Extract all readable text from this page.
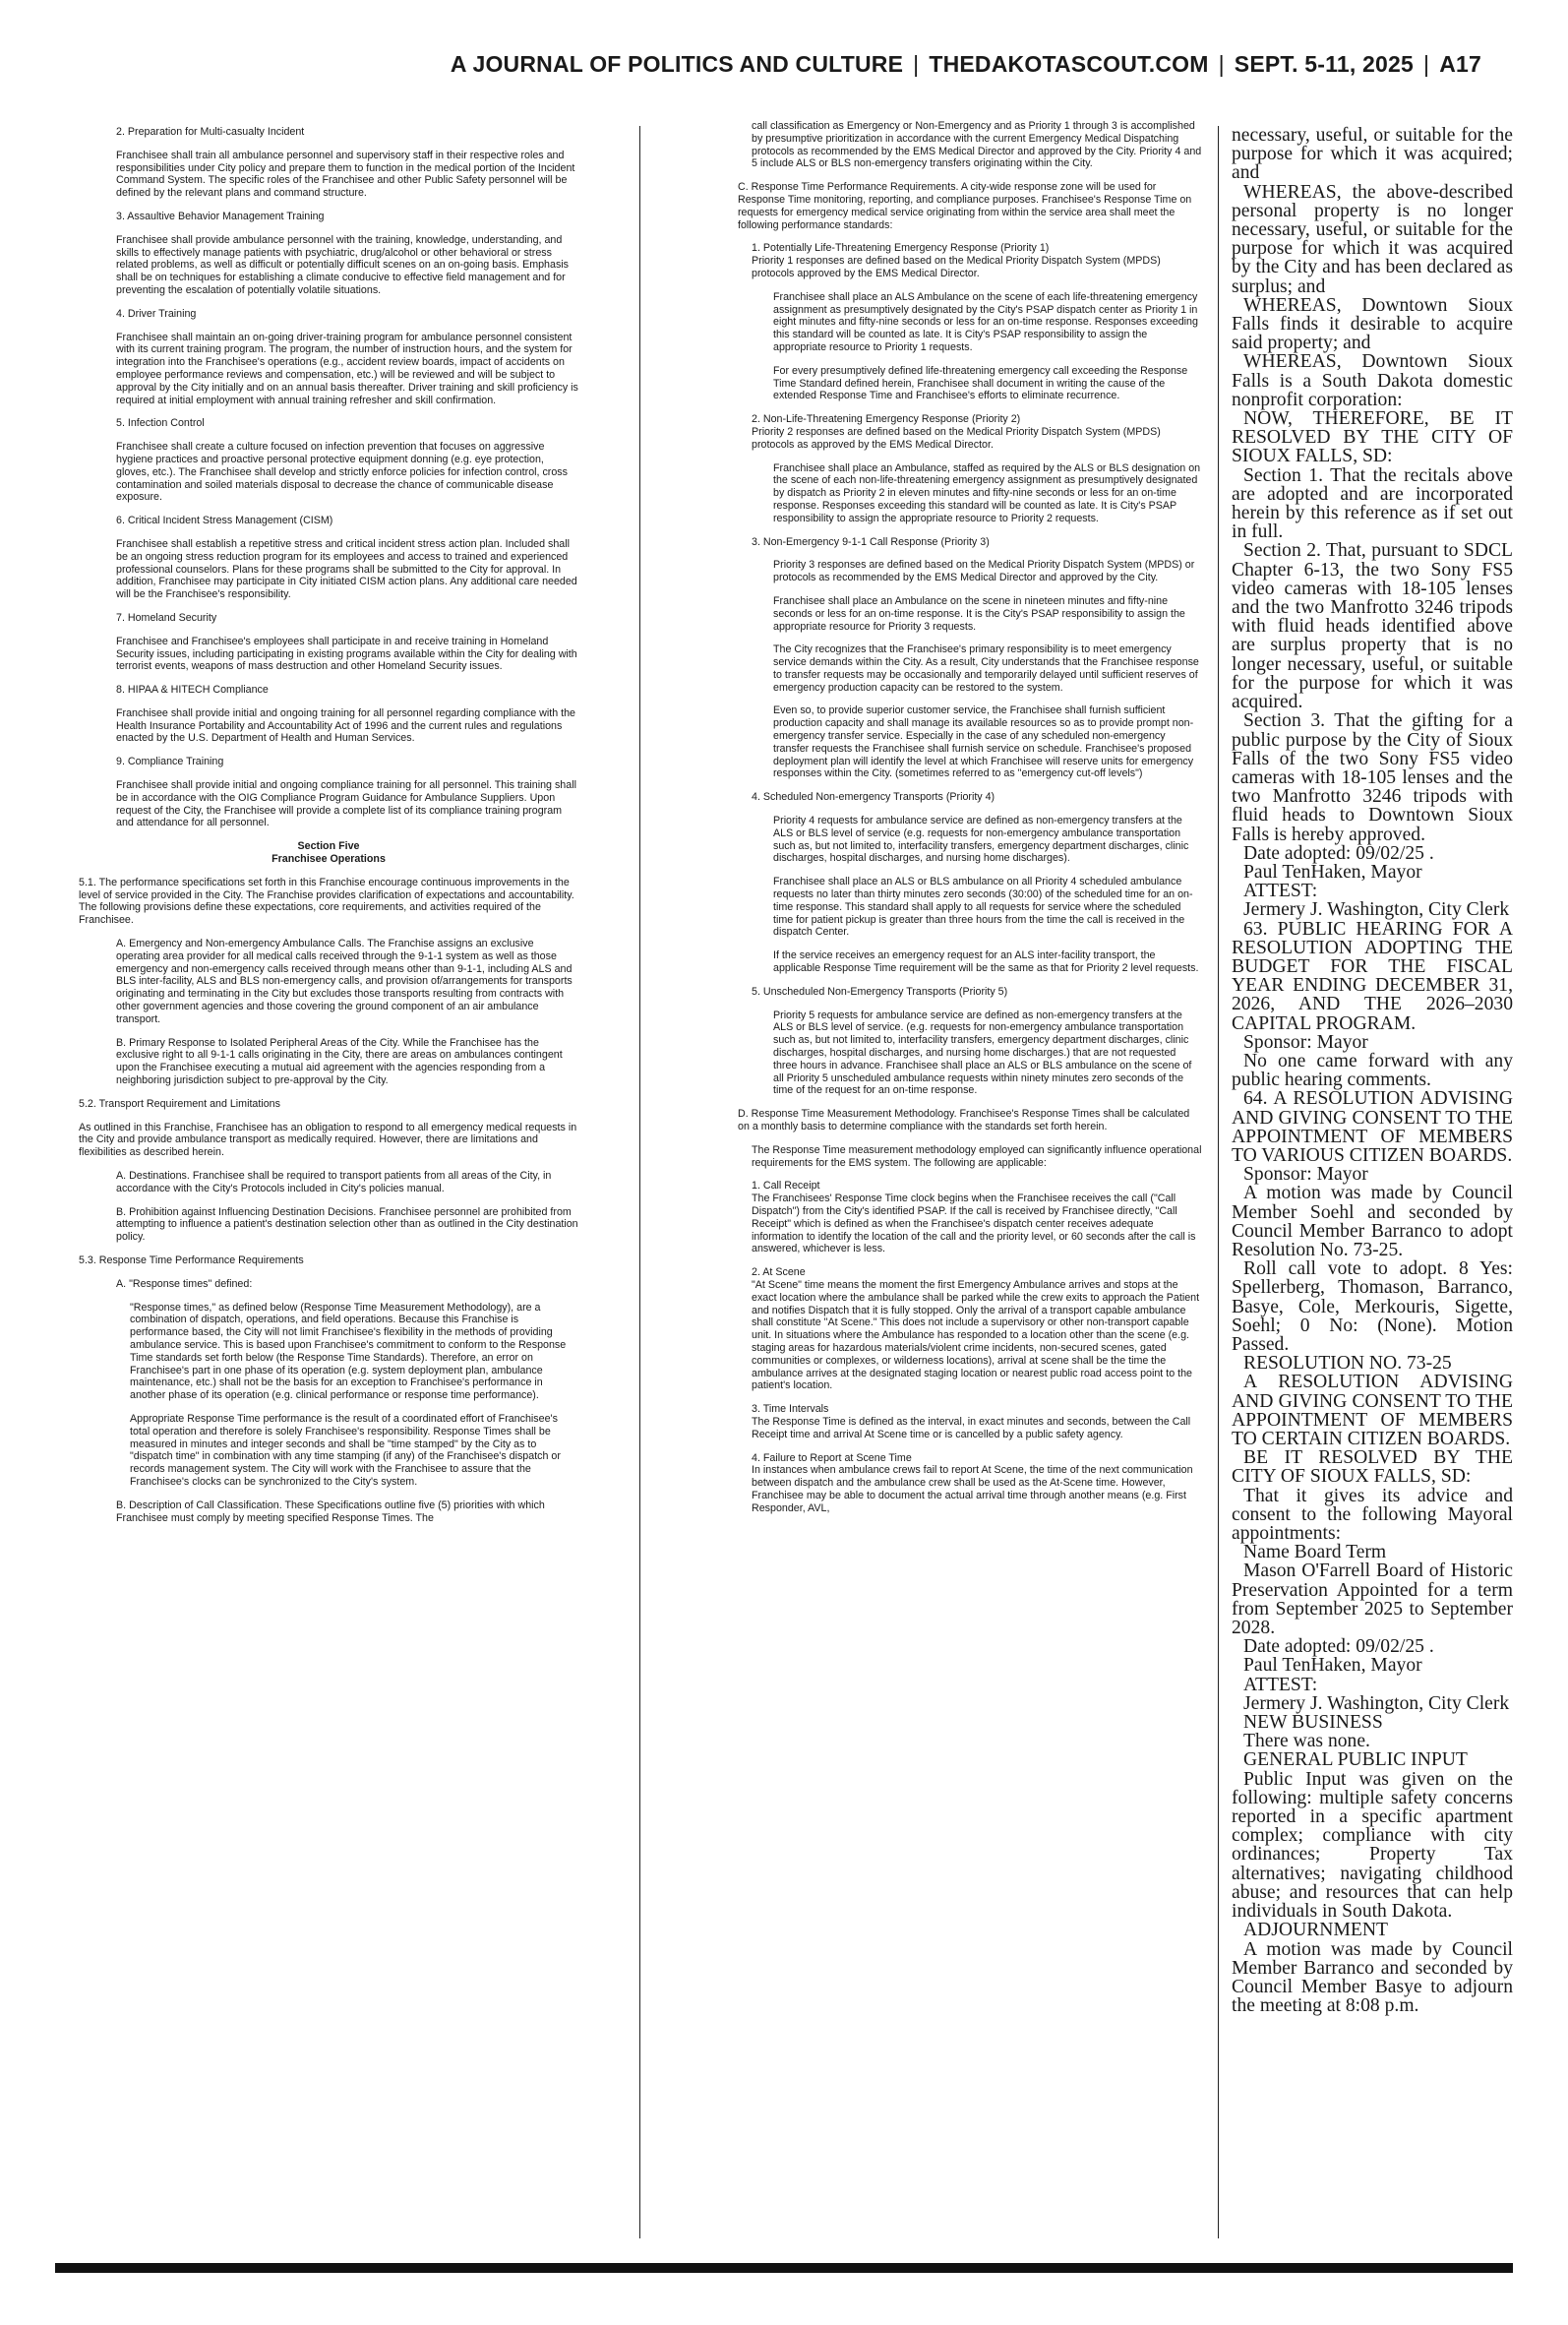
A JOURNAL OF POLITICS AND CULTURE | THEDAKOTASCOUT.COM | SEPT. 5-11, 2025 | A17
2. Preparation for Multi-casualty Incident

Franchisee shall train all ambulance personnel and supervisory staff in their respective roles and responsibilities under City policy and prepare them to function in the medical portion of the Incident Command System. The specific roles of the Franchisee and other Public Safety personnel will be defined by the relevant plans and command structure.

3. Assaultive Behavior Management Training

Franchisee shall provide ambulance personnel with the training, knowledge, understanding, and skills to effectively manage patients with psychiatric, drug/alcohol or other behavioral or stress related problems, as well as difficult or potentially difficult scenes on an on-going basis. Emphasis shall be on techniques for establishing a climate conducive to effective field management and for preventing the escalation of potentially volatile situations.

4. Driver Training

Franchisee shall maintain an on-going driver-training program for ambulance personnel consistent with its current training program. The program, the number of instruction hours, and the system for integration into the Franchisee's operations (e.g., accident review boards, impact of accidents on employee performance reviews and compensation, etc.) will be reviewed and will be subject to approval by the City initially and on an annual basis thereafter. Driver training and skill proficiency is required at initial employment with annual training refresher and skill confirmation.

5. Infection Control

Franchisee shall create a culture focused on infection prevention that focuses on aggressive hygiene practices and proactive personal protective equipment donning (e.g. eye protection, gloves, etc.). The Franchisee shall develop and strictly enforce policies for infection control, cross contamination and soiled materials disposal to decrease the chance of communicable disease exposure.

6. Critical Incident Stress Management (CISM)

Franchisee shall establish a repetitive stress and critical incident stress action plan. Included shall be an ongoing stress reduction program for its employees and access to trained and experienced professional counselors. Plans for these programs shall be submitted to the City for approval. In addition, Franchisee may participate in City initiated CISM action plans. Any additional care needed will be the Franchisee's responsibility.

7. Homeland Security

Franchisee and Franchisee's employees shall participate in and receive training in Homeland Security issues, including participating in existing programs available within the City for dealing with terrorist events, weapons of mass destruction and other Homeland Security issues.

8. HIPAA & HITECH Compliance

Franchisee shall provide initial and ongoing training for all personnel regarding compliance with the Health Insurance Portability and Accountability Act of 1996 and the current rules and regulations enacted by the U.S. Department of Health and Human Services.

9. Compliance Training

Franchisee shall provide initial and ongoing compliance training for all personnel. This training shall be in accordance with the OIG Compliance Program Guidance for Ambulance Suppliers. Upon request of the City, the Franchisee will provide a complete list of its compliance training program and attendance for all personnel.

Section Five
Franchisee Operations

5.1. The performance specifications set forth in this Franchise encourage continuous improvements in the level of service provided in the City. The Franchise provides clarification of expectations and accountability. The following provisions define these expectations, core requirements, and activities required of the Franchisee.

A. Emergency and Non-emergency Ambulance Calls. The Franchise assigns an exclusive operating area provider for all medical calls received through the 9-1-1 system as well as those emergency and non-emergency calls received through means other than 9-1-1, including ALS and BLS inter-facility, ALS and BLS non-emergency calls, and provision of/arrangements for transports originating and terminating in the City but excludes those transports resulting from contracts with other government agencies and those covering the ground component of an air ambulance transport.

B. Primary Response to Isolated Peripheral Areas of the City. While the Franchisee has the exclusive right to all 9-1-1 calls originating in the City, there are areas on ambulances contingent upon the Franchisee executing a mutual aid agreement with the agencies responding from a neighboring jurisdiction subject to pre-approval by the City.

5.2. Transport Requirement and Limitations

As outlined in this Franchise, Franchisee has an obligation to respond to all emergency medical requests in the City and provide ambulance transport as medically required. However, there are limitations and flexibilities as described herein.

A. Destinations. Franchisee shall be required to transport patients from all areas of the City, in accordance with the City's Protocols included in City's policies manual.

B. Prohibition against Influencing Destination Decisions. Franchisee personnel are prohibited from attempting to influence a patient's destination selection other than as outlined in the City destination policy.

5.3. Response Time Performance Requirements

A. "Response times" defined:

"Response times," as defined below (Response Time Measurement Methodology), are a combination of dispatch, operations, and field operations. Because this Franchise is performance based, the City will not limit Franchisee's flexibility in the methods of providing ambulance service. This is based upon Franchisee's commitment to conform to the Response Time standards set forth below (the Response Time Standards). Therefore, an error on Franchisee's part in one phase of its operation (e.g. system deployment plan, ambulance maintenance, etc.) shall not be the basis for an exception to Franchisee's performance in another phase of its operation (e.g. clinical performance or response time performance).

Appropriate Response Time performance is the result of a coordinated effort of Franchisee's total operation and therefore is solely Franchisee's responsibility. Response Times shall be measured in minutes and integer seconds and shall be "time stamped" by the City as to "dispatch time" in combination with any time stamping (if any) of the Franchisee's dispatch or records management system. The City will work with the Franchisee to assure that the Franchisee's clocks can be synchronized to the City's system.

B. Description of Call Classification. These Specifications outline five (5) priorities with which Franchisee must comply by meeting specified Response Times. The

call classification as Emergency or Non-Emergency and as Priority 1 through 3 is accomplished by presumptive prioritization in accordance with the current Emergency Medical Dispatching protocols as recommended by the EMS Medical Director and approved by the City. Priority 4 and 5 include ALS or BLS non-emergency transfers originating within the City.

C. Response Time Performance Requirements. A city-wide response zone will be used for Response Time monitoring, reporting, and compliance purposes. Franchisee's Response Time on requests for emergency medical service originating from within the service area shall meet the following performance standards:

1. Potentially Life-Threatening Emergency Response (Priority 1)
Priority 1 responses are defined based on the Medical Priority Dispatch System (MPDS) protocols approved by the EMS Medical Director.

Franchisee shall place an ALS Ambulance on the scene of each life-threatening emergency assignment as presumptively designated by the City's PSAP dispatch center as Priority 1 in eight minutes and fifty-nine seconds or less for an on-time response. Responses exceeding this standard will be counted as late. It is City's PSAP responsibility to assign the appropriate resource to Priority 1 requests.

For every presumptively defined life-threatening emergency call exceeding the Response Time Standard defined herein, Franchisee shall document in writing the cause of the extended Response Time and Franchisee's efforts to eliminate recurrence.

2. Non-Life-Threatening Emergency Response (Priority 2)
Priority 2 responses are defined based on the Medical Priority Dispatch System (MPDS) protocols as approved by the EMS Medical Director.

Franchisee shall place an Ambulance, staffed as required by the ALS or BLS designation on the scene of each non-life-threatening emergency assignment as presumptively designated by dispatch as Priority 2 in eleven minutes and fifty-nine seconds or less for an on-time response. Responses exceeding this standard will be counted as late. It is City's PSAP responsibility to assign the appropriate resource to Priority 2 requests.

3. Non-Emergency 9-1-1 Call Response (Priority 3)

Priority 3 responses are defined based on the Medical Priority Dispatch System (MPDS) or protocols as recommended by the EMS Medical Director and approved by the City.

Franchisee shall place an Ambulance on the scene in nineteen minutes and fifty-nine seconds or less for an on-time response. It is the City's PSAP responsibility to assign the appropriate resource for Priority 3 requests.

The City recognizes that the Franchisee's primary responsibility is to meet emergency service demands within the City. As a result, City understands that the Franchisee response to transfer requests may be occasionally and temporarily delayed until sufficient reserves of emergency production capacity can be restored to the system.

Even so, to provide superior customer service, the Franchisee shall furnish sufficient production capacity and shall manage its available resources so as to provide prompt non-emergency transfer service. Especially in the case of any scheduled non-emergency transfer requests the Franchisee shall furnish service on schedule. Franchisee's proposed deployment plan will identify the level at which Franchisee will reserve units for emergency responses within the City. (sometimes referred to as "emergency cut-off levels")

4. Scheduled Non-emergency Transports (Priority 4)

Priority 4 requests for ambulance service are defined as non-emergency transfers at the ALS or BLS level of service (e.g. requests for non-emergency ambulance transportation such as, but not limited to, interfacility transfers, emergency department discharges, clinic discharges, hospital discharges, and nursing home discharges).

Franchisee shall place an ALS or BLS ambulance on all Priority 4 scheduled ambulance requests no later than thirty minutes zero seconds (30:00) of the scheduled time for an on-time response. This standard shall apply to all requests for service where the scheduled time for patient pickup is greater than three hours from the time the call is received in the dispatch Center.

If the service receives an emergency request for an ALS inter-facility transport, the applicable Response Time requirement will be the same as that for Priority 2 level requests.

5. Unscheduled Non-Emergency Transports (Priority 5)

Priority 5 requests for ambulance service are defined as non-emergency transfers at the ALS or BLS level of service. (e.g. requests for non-emergency ambulance transportation such as, but not limited to, interfacility transfers, emergency department discharges, clinic discharges, hospital discharges, and nursing home discharges.) that are not requested three hours in advance. Franchisee shall place an ALS or BLS ambulance on the scene of all Priority 5 unscheduled ambulance requests within ninety minutes zero seconds of the time of the request for an on-time response.

D. Response Time Measurement Methodology. Franchisee's Response Times shall be calculated on a monthly basis to determine compliance with the standards set forth herein.

The Response Time measurement methodology employed can significantly influence operational requirements for the EMS system. The following are applicable:

1. Call Receipt
The Franchisees' Response Time clock begins when the Franchisee receives the call ("Call Dispatch") from the City's identified PSAP. If the call is received by Franchisee directly, "Call Receipt" which is defined as when the Franchisee's dispatch center receives adequate information to identify the location of the call and the priority level, or 60 seconds after the call is answered, whichever is less.

2. At Scene
"At Scene" time means the moment the first Emergency Ambulance arrives and stops at the exact location where the ambulance shall be parked while the crew exits to approach the Patient and notifies Dispatch that it is fully stopped. Only the arrival of a transport capable ambulance shall constitute "At Scene." This does not include a supervisory or other non-transport capable unit. In situations where the Ambulance has responded to a location other than the scene (e.g. staging areas for hazardous materials/violent crime incidents, non-secured scenes, gated communities or complexes, or wilderness locations), arrival at scene shall be the time the ambulance arrives at the designated staging location or nearest public road access point to the patient's location.

3. Time Intervals
The Response Time is defined as the interval, in exact minutes and seconds, between the Call Receipt time and arrival At Scene time or is cancelled by a public safety agency.

4. Failure to Report at Scene Time
In instances when ambulance crews fail to report At Scene, the time of the next communication between dispatch and the ambulance crew shall be used as the At-Scene time. However, Franchisee may be able to document the actual arrival time through another means (e.g. First Responder, AVL,

necessary, useful, or suitable for the purpose for which it was acquired; and

WHEREAS, the above-described personal property is no longer necessary, useful, or suitable for the purpose for which it was acquired by the City and has been declared as surplus; and

WHEREAS, Downtown Sioux Falls finds it desirable to acquire said property; and

WHEREAS, Downtown Sioux Falls is a South Dakota domestic nonprofit corporation:

NOW, THEREFORE, BE IT RESOLVED BY THE CITY OF SIOUX FALLS, SD:

Section 1. That the recitals above are adopted and are incorporated herein by this reference as if set out in full.

Section 2. That, pursuant to SDCL Chapter 6-13, the two Sony FS5 video cameras with 18-105 lenses and the two Manfrotto 3246 tripods with fluid heads identified above are surplus property that is no longer necessary, useful, or suitable for the purpose for which it was acquired.

Section 3. That the gifting for a public purpose by the City of Sioux Falls of the two Sony FS5 video cameras with 18-105 lenses and the two Manfrotto 3246 tripods with fluid heads to Downtown Sioux Falls is hereby approved.

Date adopted: 09/02/25 .

Paul TenHaken, Mayor

ATTEST:

Jermery J. Washington, City Clerk

63. PUBLIC HEARING FOR A RESOLUTION ADOPTING THE BUDGET FOR THE FISCAL YEAR ENDING DECEMBER 31, 2026, AND THE 2026–2030 CAPITAL PROGRAM.

Sponsor: Mayor

No one came forward with any public hearing comments.

64. A RESOLUTION ADVISING AND GIVING CONSENT TO THE APPOINTMENT OF MEMBERS TO VARIOUS CITIZEN BOARDS.

Sponsor: Mayor

A motion was made by Council Member Soehl and seconded by Council Member Barranco to adopt Resolution No. 73-25.

Roll call vote to adopt. 8 Yes: Spellerberg, Thomason, Barranco, Basye, Cole, Merkouris, Sigette, Soehl; 0 No: (None). Motion Passed.

RESOLUTION NO. 73-25

A RESOLUTION ADVISING AND GIVING CONSENT TO THE APPOINTMENT OF MEMBERS TO CERTAIN CITIZEN BOARDS.

BE IT RESOLVED BY THE CITY OF SIOUX FALLS, SD:

That it gives its advice and consent to the following Mayoral appointments:

Name Board Term

Mason O'Farrell Board of Historic Preservation Appointed for a term from September 2025 to September 2028.

Date adopted: 09/02/25 .

Paul TenHaken, Mayor

ATTEST:

Jermery J. Washington, City Clerk

NEW BUSINESS

There was none.

GENERAL PUBLIC INPUT

Public Input was given on the following: multiple safety concerns reported in a specific apartment complex; compliance with city ordinances; Property Tax alternatives; navigating childhood abuse; and resources that can help individuals in South Dakota.

ADJOURNMENT

A motion was made by Council Member Barranco and seconded by Council Member Basye to adjourn the meeting at 8:08 p.m.
